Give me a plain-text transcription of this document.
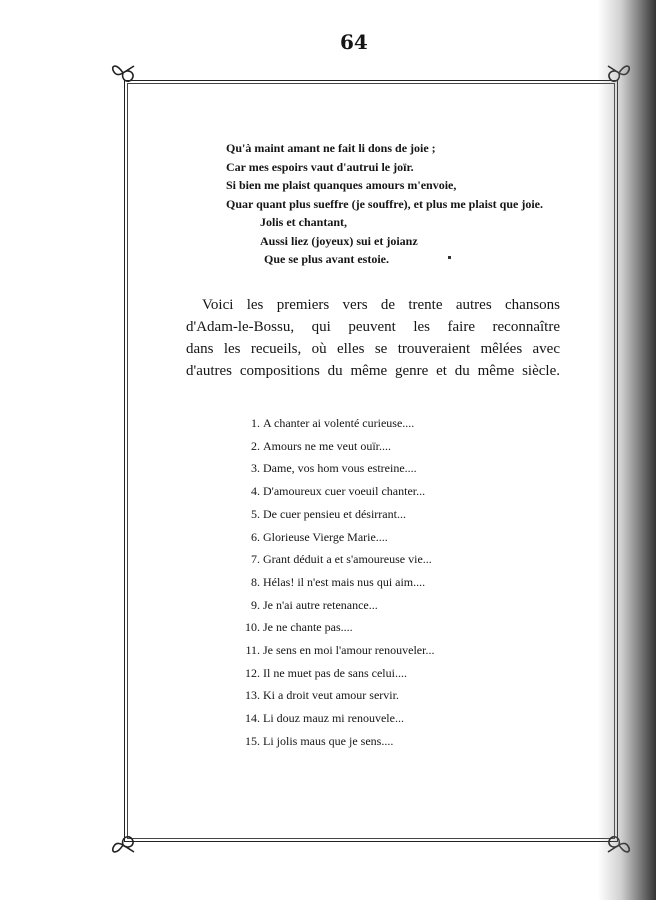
64
Qu'à maint amant ne fait li dons de joie ;
Car mes espoirs vaut d'autrui le joïr.
Si bien me plaist quanques amours m'envoie,
Quar quant plus sueffre (je souffre), et plus me plaist que joie.
Jolis et chantant,
Aussi liez (joyeux) sui et joianz
Que se plus avant estoie.
Voici les premiers vers de trente autres chansons
d'Adam-le-Bossu, qui peuvent les faire reconnaître
dans les recueils, où elles se trouveraient mêlées avec
d'autres compositions du même genre et du même siècle.
1. A chanter ai volenté curieuse....
2. Amours ne me veut ouïr....
3. Dame, vos hom vous estreine....
4. D'amoureux cuer voeuil chanter...
5. De cuer pensieu et désirrant...
6. Glorieuse Vierge Marie....
7. Grant déduit a et s'amoureuse vie...
8. Hélas! il n'est mais nus qui aim....
9. Je n'ai autre retenance...
10. Je ne chante pas....
11. Je sens en moi l'amour renouveler...
12. Il ne muet pas de sans celui....
13. Ki a droit veut amour servir.
14. Li douz mauz mi renouvele...
15. Li jolis maus que je sens....
